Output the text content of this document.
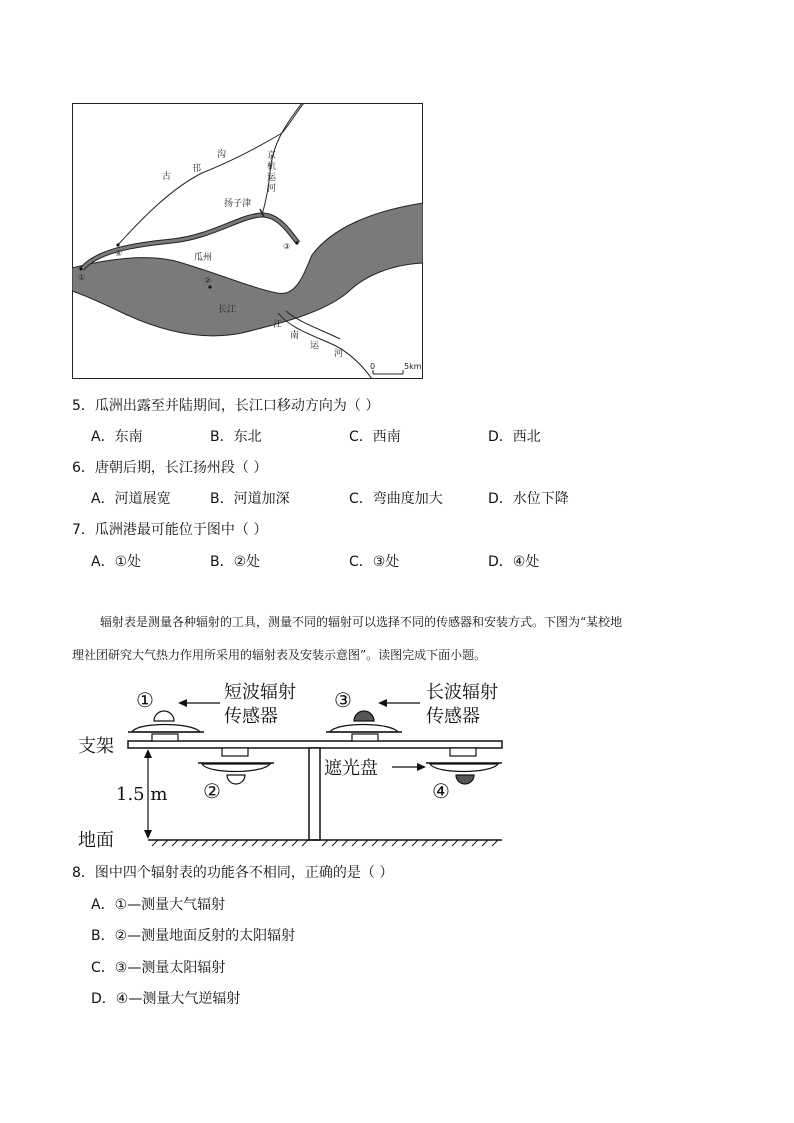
古
邗
沟	京
杭
运
河
扬子津
瓜州
长江
江
南
运
河
①	②
③
④
0	5km
5．瓜洲出露至并陆期间，长江口移动方向为（ ）
A．东南	B．东北	C．西南	D．西北
6．唐朝后期，长江扬州段（ ）
A．河道展宽	B．河道加深	C．弯曲度加大	D．水位下降
7．瓜洲港最可能位于图中（ ）
A．①处	B．②处	C．③处	D．④处
辐射表是测量各种辐射的工具，测量不同的辐射可以选择不同的传感器和安装方式。下图为“某校地
理社团研究大气热力作用所采用的辐射表及安装示意图”。读图完成下面小题。
①
②
③
④
短波辐射
传感器
长波辐射
传感器
支架
1.5 m
地面
遮光盘
8．图中四个辐射表的功能各不相同，正确的是（ ）
A．①—测量大气辐射
B．②—测量地面反射的太阳辐射
C．③—测量太阳辐射
D．④—测量大气逆辐射
